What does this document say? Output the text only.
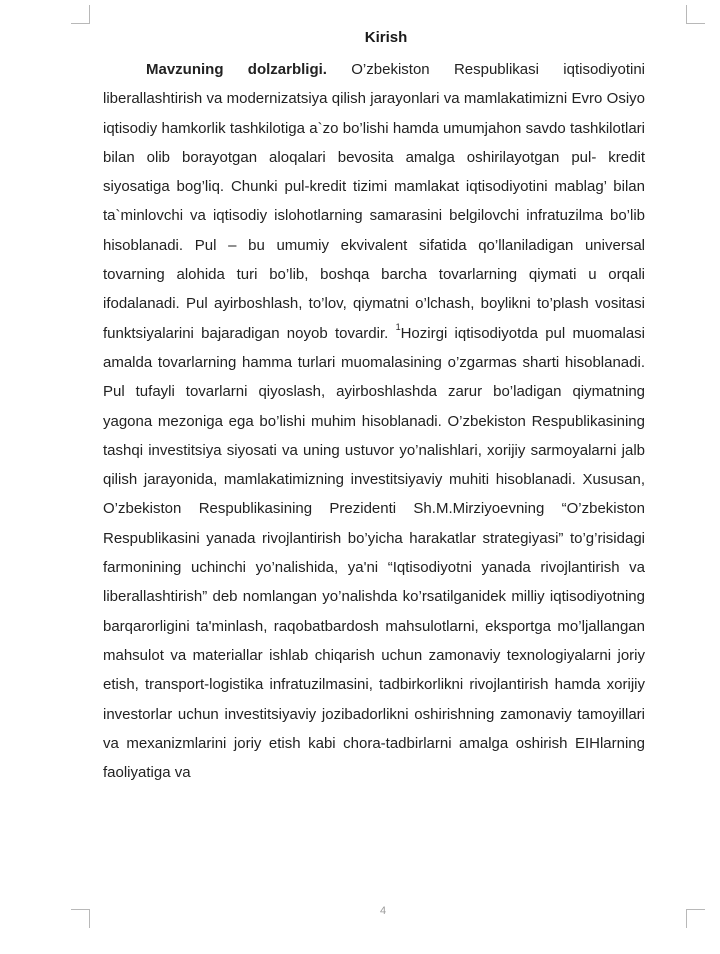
Kirish

Mavzuning dolzarbligi. O’zbekiston Respublikasi iqtisodiyotini liberallashtirish va modernizatsiya qilish jarayonlari va mamlakatimizni Evro Osiyo iqtisodiy hamkorlik tashkilotiga a`zo bo’lishi hamda umumjahon savdo tashkilotlari bilan olib borayotgan aloqalari bevosita amalga oshirilayotgan pul- kredit siyosatiga bog’liq. Chunki pul-kredit tizimi mamlakat iqtisodiyotini mablag’ bilan ta`minlovchi va iqtisodiy islohotlarning samarasini belgilovchi infratuzilma bo’lib hisoblanadi. Pul – bu umumiy ekvivalent sifatida qo’llaniladigan universal tovarning alohida turi bo’lib, boshqa barcha tovarlarning qiymati u orqali ifodalanadi. Pul ayirboshlash, to’lov, qiymatni o’lchash, boylikni to’plash vositasi funktsiyalarini bajaradigan noyob tovardir. $^1$Hozirgi iqtisodiyotda pul muomalasi amalda tovarlarning hamma turlari muomalasining o’zgarmas sharti hisoblanadi. Pul tufayli tovarlarni qiyoslash, ayirboshlashda zarur bo’ladigan qiymatning yagona mezoniga ega bo’lishi muhim hisoblanadi. O’zbekiston Respublikasining tashqi investitsiya siyosati va uning ustuvor yo’nalishlari, xorijiy sarmoyalarni jalb qilish jarayonida, mamlakatimizning investitsiyaviy muhiti hisoblanadi. Xususan, O’zbekiston Respublikasining Prezidenti Sh.M.Mirziyoevning “O’zbekiston Respublikasini yanada rivojlantirish bo’yicha harakatlar strategiyasi” to’g’risidagi farmonining uchinchi yo’nalishida, ya'ni “Iqtisodiyotni yanada rivojlantirish va liberallashtirish” deb nomlangan yo’nalishda ko’rsatilganidek milliy iqtisodiyotning barqarorligini ta'minlash, raqobatbardosh mahsulotlarni, eksportga mo’ljallangan mahsulot va materiallar ishlab chiqarish uchun zamonaviy texnologiyalarni joriy etish, transport-logistika infratuzilmasini, tadbirkorlikni rivojlantirish hamda xorijiy investorlar uchun investitsiyaviy jozibadorlikni oshirishning zamonaviy tamoyillari va mexanizmlarini joriy etish kabi chora-tadbirlarni amalga oshirish EIHlarning faoliyatiga va

4
